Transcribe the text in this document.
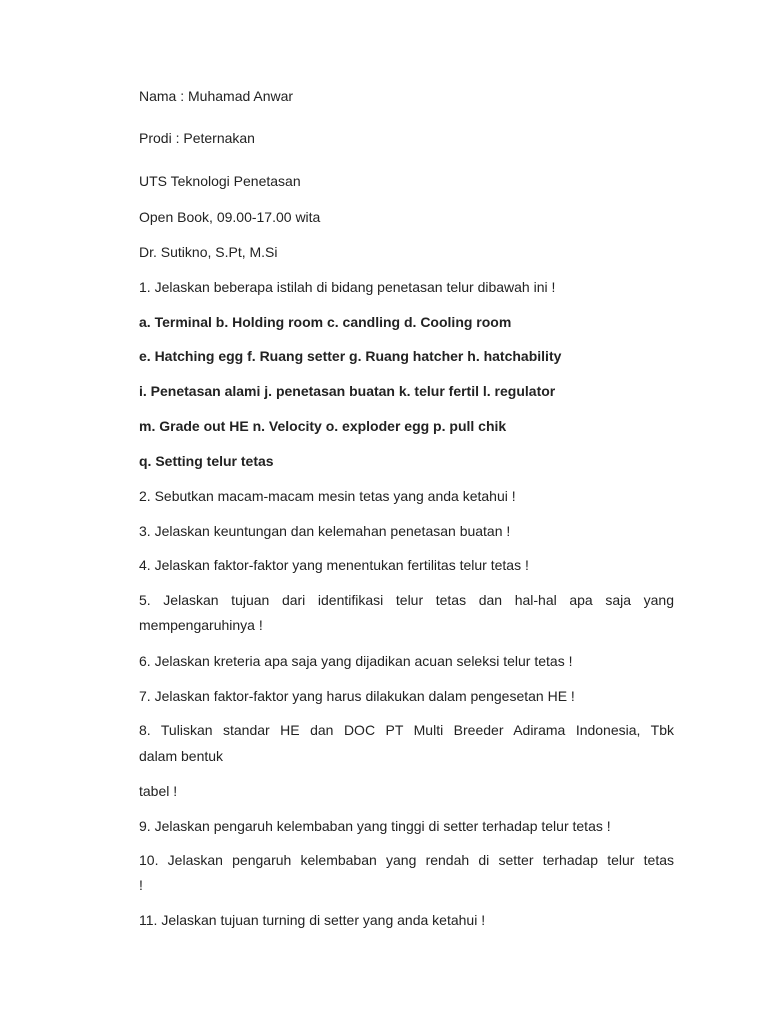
Nama : Muhamad Anwar
Prodi : Peternakan
UTS Teknologi Penetasan
Open Book, 09.00-17.00 wita
Dr. Sutikno, S.Pt, M.Si
1. Jelaskan beberapa istilah di bidang penetasan telur dibawah ini !
a. Terminal b. Holding room c. candling d. Cooling room
e. Hatching egg f. Ruang setter g. Ruang hatcher h. hatchability
i. Penetasan alami j. penetasan buatan k. telur fertil l. regulator
m. Grade out HE n. Velocity o. exploder egg p. pull chik
q. Setting telur tetas
2. Sebutkan macam-macam mesin tetas yang anda ketahui !
3. Jelaskan keuntungan dan kelemahan penetasan buatan !
4. Jelaskan faktor-faktor yang menentukan fertilitas telur tetas !
5. Jelaskan tujuan dari identifikasi telur tetas dan hal-hal apa saja yang
mempengaruhinya !
6. Jelaskan kreteria apa saja yang dijadikan acuan seleksi telur tetas !
7. Jelaskan faktor-faktor yang harus dilakukan dalam pengesetan HE !
8. Tuliskan standar HE dan DOC PT Multi Breeder Adirama Indonesia, Tbk
dalam bentuk
tabel !
9. Jelaskan pengaruh kelembaban yang tinggi di setter terhadap telur tetas !
10. Jelaskan pengaruh kelembaban yang rendah di setter terhadap telur tetas
!
11. Jelaskan tujuan turning di setter yang anda ketahui !
